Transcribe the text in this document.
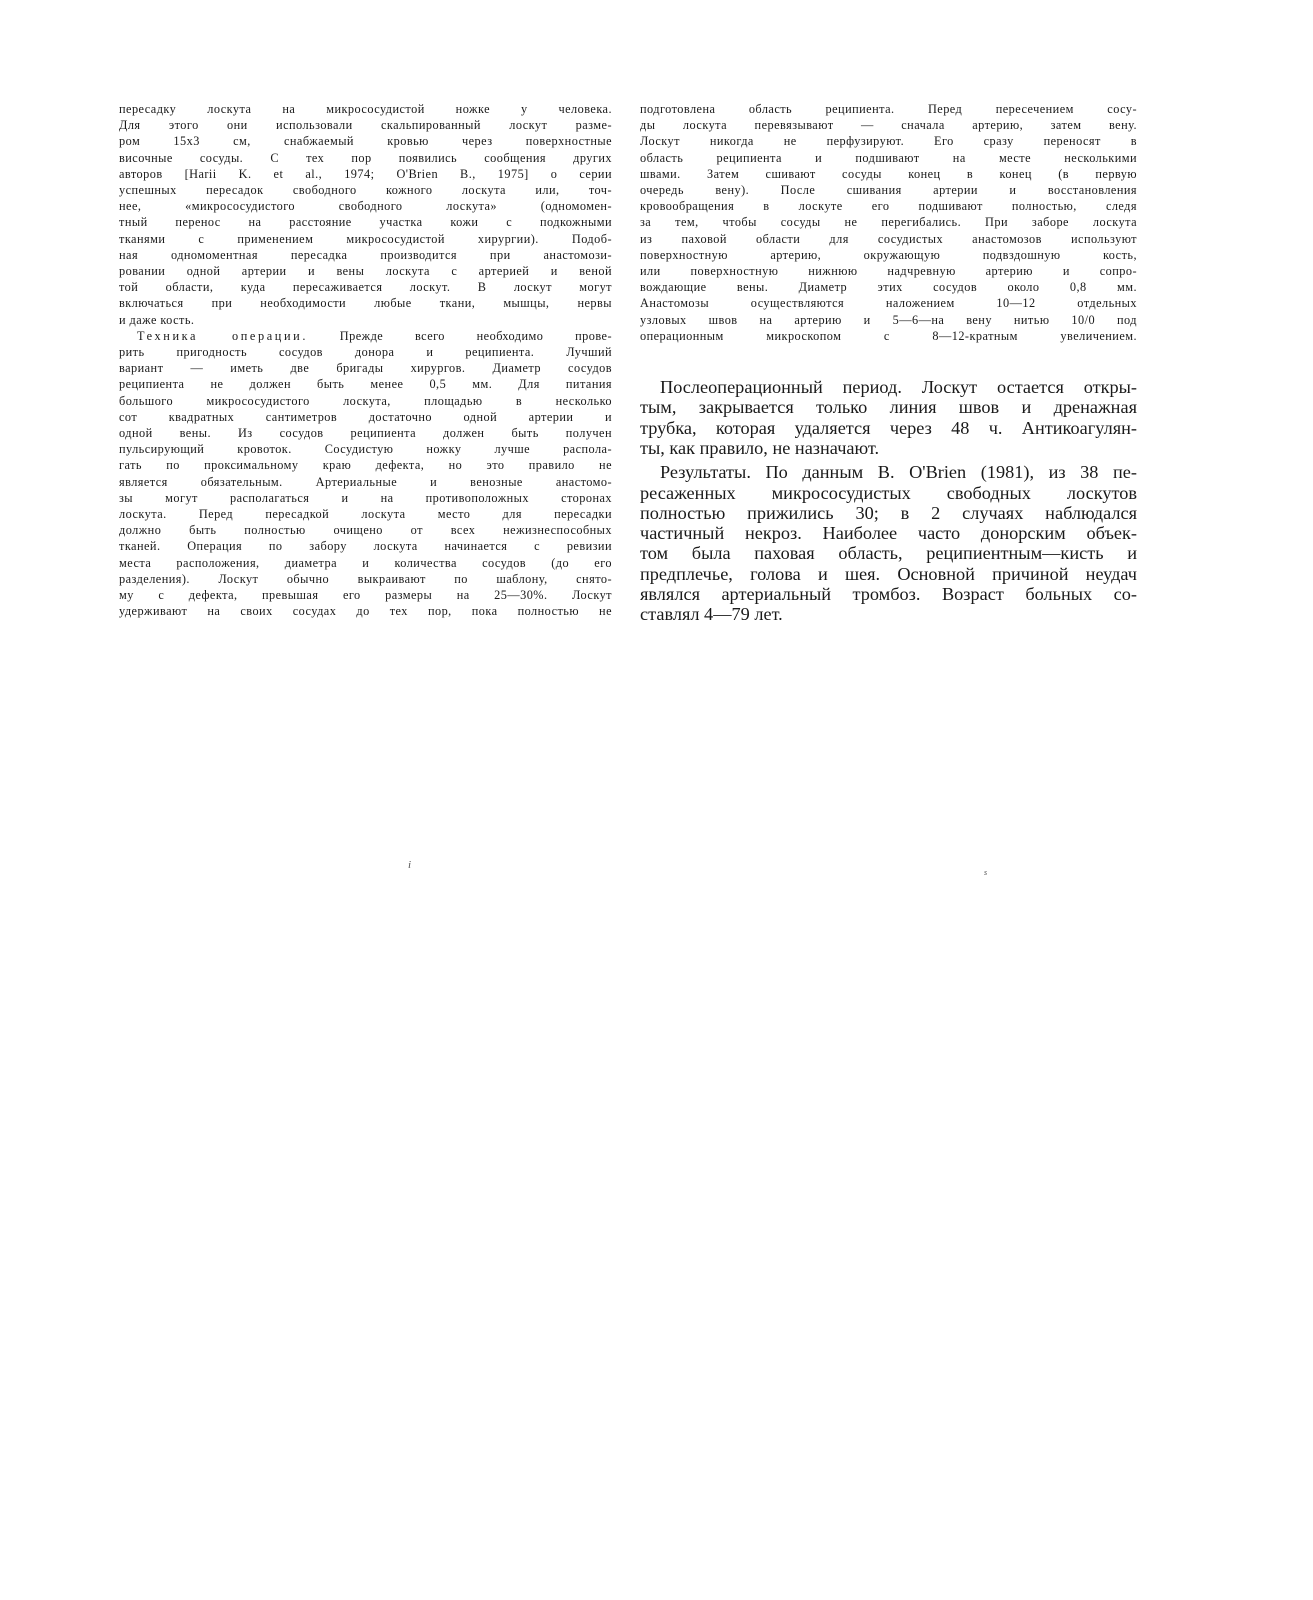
пересадку лоскута на микрососудистой ножке у человека.
Для этого они использовали скальпированный лоскут разме-
ром 15x3 см, снабжаемый кровью через поверхностные
височные сосуды. С тех пор появились сообщения других
авторов [Harii K. et al., 1974; O'Brien B., 1975] о серии
успешных пересадок свободного кожного лоскута или, точ-
нее, «микрососудистого свободного лоскута» (одномомен-
тный перенос на расстояние участка кожи с подкожными
тканями с применением микрососудистой хирургии). Подоб-
ная одномоментная пересадка производится при анастомози-
ровании одной артерии и вены лоскута с артерией и веной
той области, куда пересаживается лоскут. В лоскут могут
включаться при необходимости любые ткани, мышцы, нервы
и даже кость.
Техника операции.	Прежде всего необходимо прове-
рить пригодность сосудов донора и реципиента. Лучший
вариант — иметь две бригады хирургов. Диаметр сосудов
реципиента не должен быть менее 0,5 мм. Для питания
большого микрососудистого лоскута, площадью в несколько
сот квадратных сантиметров достаточно одной артерии и
одной вены. Из сосудов реципиента должен быть получен
пульсирующий кровоток. Сосудистую ножку лучше распола-
гать по проксимальному краю дефекта, но это правило не
является обязательным. Артериальные и венозные анастомо-
зы могут располагаться и на противоположных сторонах
лоскута. Перед пересадкой лоскута место для пересадки
должно быть полностью очищено от всех нежизнеспособных
тканей. Операция по забору лоскута начинается с ревизии
места расположения, диаметра и количества сосудов (до его
разделения). Лоскут обычно выкраивают по шаблону, снято-
му с дефекта, превышая его размеры на 25—30%. Лоскут
удерживают на своих сосудах до тех пор, пока полностью не
подготовлена область реципиента. Перед пересечением сосу-
ды лоскута перевязывают — сначала артерию, затем вену.
Лоскут никогда не перфузируют. Его сразу переносят в
область реципиента и подшивают на месте несколькими
швами. Затем сшивают сосуды конец в конец (в первую
очередь вену). После сшивания артерии и восстановления
кровообращения в лоскуте его подшивают полностью, следя
за тем, чтобы сосуды не перегибались. При заборе лоскута
из паховой области для сосудистых анастомозов используют
поверхностную артерию, окружающую подвздошную кость,
или поверхностную нижнюю надчревную артерию и сопро-
вождающие вены. Диаметр этих сосудов около 0,8 мм.
Анастомозы осуществляются наложением 10—12 отдельных
узловых швов на артерию и 5—6—на вену нитью 10/0 под
операционным микроскопом с 8—12-кратным увеличением.
Послеоперационный период. Лоскут остается откры-
тым, закрывается только линия швов и дренажная
трубка, которая удаляется через 48 ч. Антикоагулян-
ты, как правило, не назначают.
Результаты. По данным В. O'Brien (1981), из 38 пе-
ресаженных микрососудистых свободных лоскутов
полностью прижились 30; в 2 случаях наблюдался
частичный некроз. Наиболее часто донорским объек-
том была паховая область, реципиентным—кисть и
предплечье, голова и шея. Основной причиной неудач
являлся артериальный тромбоз. Возраст больных со-
ставлял 4—79 лет.
i
s
